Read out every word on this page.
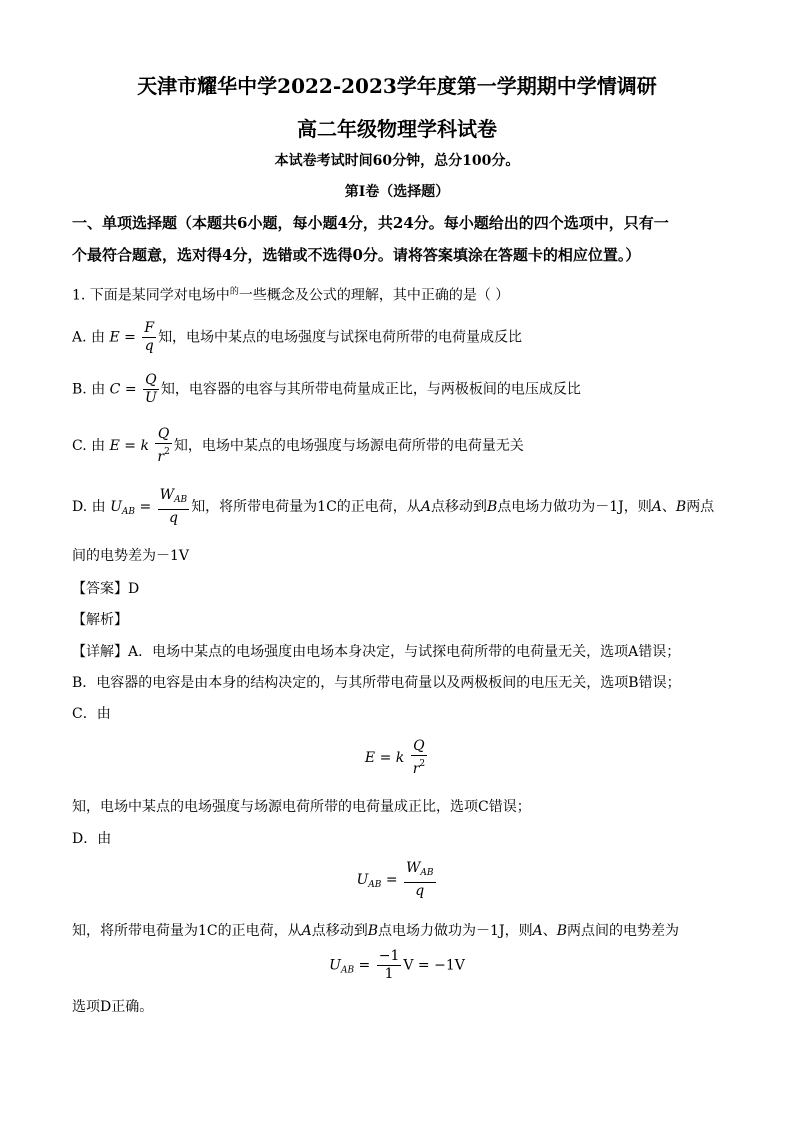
天津市耀华中学2022-2023学年度第一学期期中学情调研
高二年级物理学科试卷
本试卷考试时间60分钟，总分100分。
第Ⅰ卷（选择题）
一、单项选择题（本题共6小题，每小题4分，共24分。每小题给出的四个选项中，只有一
个最符合题意，选对得4分，选错或不选得0分。请将答案填涂在答题卡的相应位置。）
1. 下面是某同学对电场中$^的$一些概念及公式的理解，其中正确的是（ ）
A. 由 $E = \frac{F}{q}$ 知，电场中某点的电场强度与试探电荷所带的电荷量成反比
B. 由 $C = \frac{Q}{U}$ 知，电容器的电容与其所带电荷量成正比，与两极板间的电压成反比
C. 由 E = k $\frac{Q}{r^2}$ 知，电场中某点的电场强度与场源电荷所带的电荷量无关
D. 由 $U_{AB} = \frac{W_{AB}}{q}$ 知，将所带电荷量为1C的正电荷，从A点移动到B点电场力做功为－1J，则A、B两点
间的电势差为－1V
【答案】D
【解析】
【详解】A．电场中某点的电场强度由电场本身决定，与试探电荷所带的电荷量无关，选项A错误；
B．电容器的电容是由本身的结构决定的，与其所带电荷量以及两极板间的电压无关，选项B错误；
C．由
E = k $\frac{Q}{r^2}$
知，电场中某点的电场强度与场源电荷所带的电荷量成正比，选项C错误；
D．由
$U_{AB} = \frac{W_{AB}}{q}$
知，将所带电荷量为1C的正电荷，从A点移动到B点电场力做功为－1J，则A、B两点间的电势差为
$U_{AB} = \frac{-1}{1}$ V = −1V
选项D正确。
